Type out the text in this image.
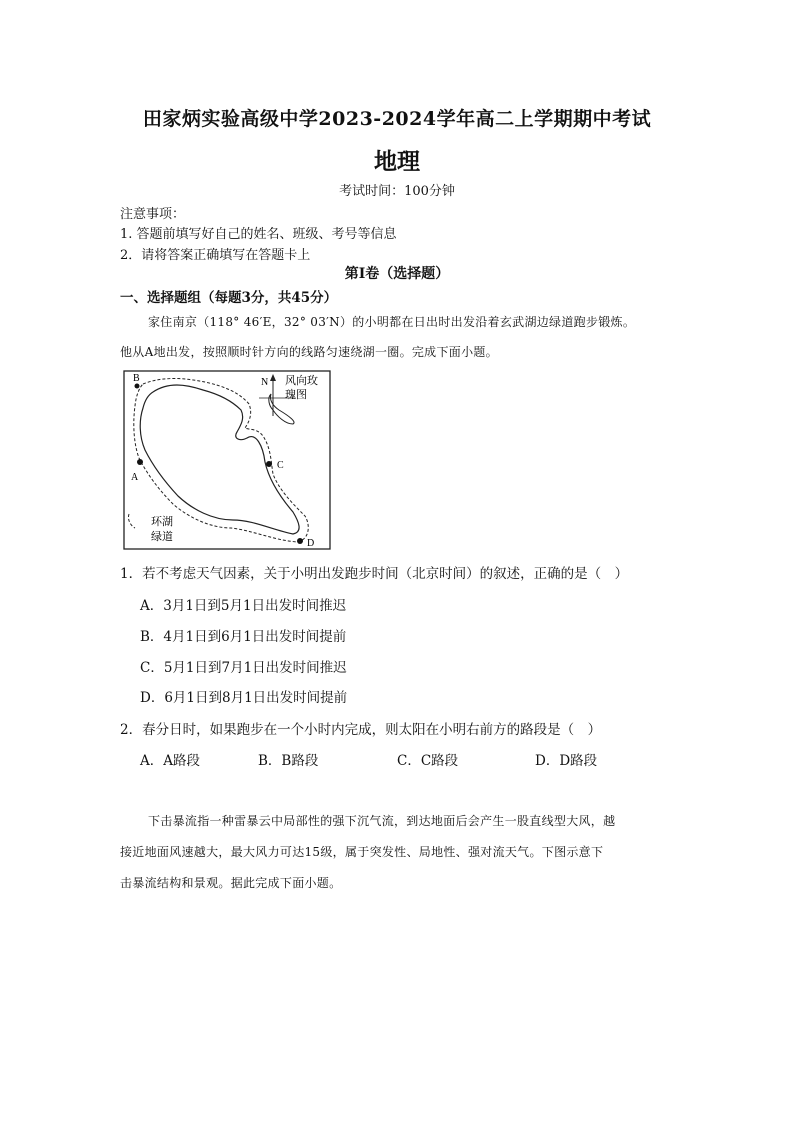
田家炳实验高级中学2023-2024学年高二上学期期中考试
地理
考试时间：100分钟
注意事项：
1. 答题前填写好自己的姓名、班级、考号等信息
2．请将答案正确填写在答题卡上
第Ⅰ卷（选择题）
一、选择题组（每题3分，共45分）
家住南京（118° 46′E，32° 03′N）的小明都在日出时出发沿着玄武湖边绿道跑步锻炼。
他从A地出发，按照顺时针方向的线路匀速绕湖一圈。完成下面小题。
A
B
C
D
N 风向玫
瑰图
环湖
绿道
1．若不考虑天气因素，关于小明出发跑步时间（北京时间）的叙述，正确的是（　）
A．3月1日到5月1日出发时间推迟
B．4月1日到6月1日出发时间提前
C．5月1日到7月1日出发时间推迟
D．6月1日到8月1日出发时间提前
2．春分日时，如果跑步在一个小时内完成，则太阳在小明右前方的路段是（　）
A．A路段	B．B路段	C．C路段	D．D路段
下击暴流指一种雷暴云中局部性的强下沉气流，到达地面后会产生一股直线型大风，越
接近地面风速越大，最大风力可达15级，属于突发性、局地性、强对流天气。下图示意下
击暴流结构和景观。据此完成下面小题。
